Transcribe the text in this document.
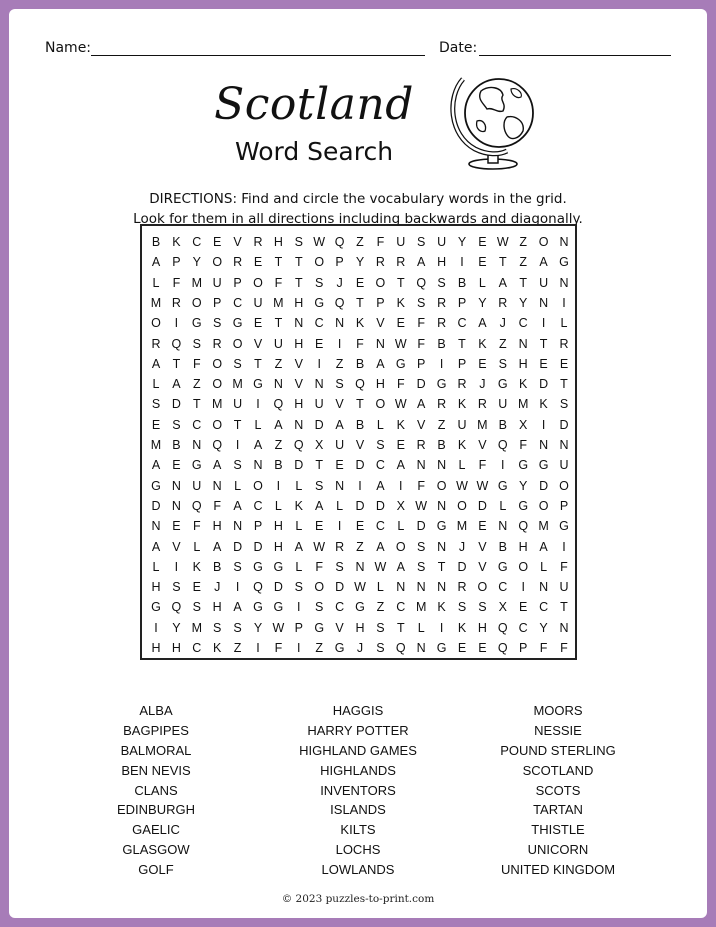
Name:	Date:
Scotland
Word Search
DIRECTIONS: Find and circle the vocabulary words in the grid.
Look for them in all directions including backwards and diagonally.
B K C E V R H S W Q Z	F U S U Y E W Z O N
A P Y O R E T	T O P Y R R A H	I	E T	Z A G
L	F M U P O F	T S	J	E O T Q S B	L	A T U N
M R O P C U M H G Q T P K S R P Y R Y N	I
O	I	G S G E T N C N K V E F R C A	J	C	I	L
R Q S R O V U H E	I	F N W F B T K Z N T R
A T	F O S T	Z V	I	Z B A G P	I	P E S H E E
L	A Z O M G N V N S Q H F D G R	J G K D T
S D T M U	I	Q H U V T O W A R K R U M K S
E S C O T	L	A N D A B	L	K V Z U M B X	I	D
M B N Q	I	A Z Q X U V S E R B K V Q F N N
A E G A S N B D T E D C A N N L	F	I	G G U
G N U N L O	I	L	S N	I	A	I	F O W W G Y D O
D N Q F A C L	K A	L D D X W N O D L G O P
N E F H N P H L	E	I	E C L D G M E N Q M G
A V	L	A D D H A W R Z A O S N	J	V B H A	I
L	I	K B S G G L	F S N W A S T D V G O L	F
H S E	J	I	Q D S O D W L N N N R O C	I	N U
G Q S H A G G	I	S C G Z C M K S S X E C T
I	Y M S S Y W P G V H S T	L	I	K H Q C Y N
H H C K Z	I	F	I	Z G J	S Q N G E E Q P F	F
ALBA
BAGPIPES
BALMORAL
BEN NEVIS
CLANS
EDINBURGH
GAELIC
GLASGOW
GOLF
HAGGIS
HARRY POTTER
HIGHLAND GAMES
HIGHLANDS
INVENTORS
ISLANDS
KILTS
LOCHS
LOWLANDS
MOORS
NESSIE
POUND STERLING
SCOTLAND
SCOTS
TARTAN
THISTLE
UNICORN
UNITED KINGDOM
© 2023 puzzles-to-print.com
